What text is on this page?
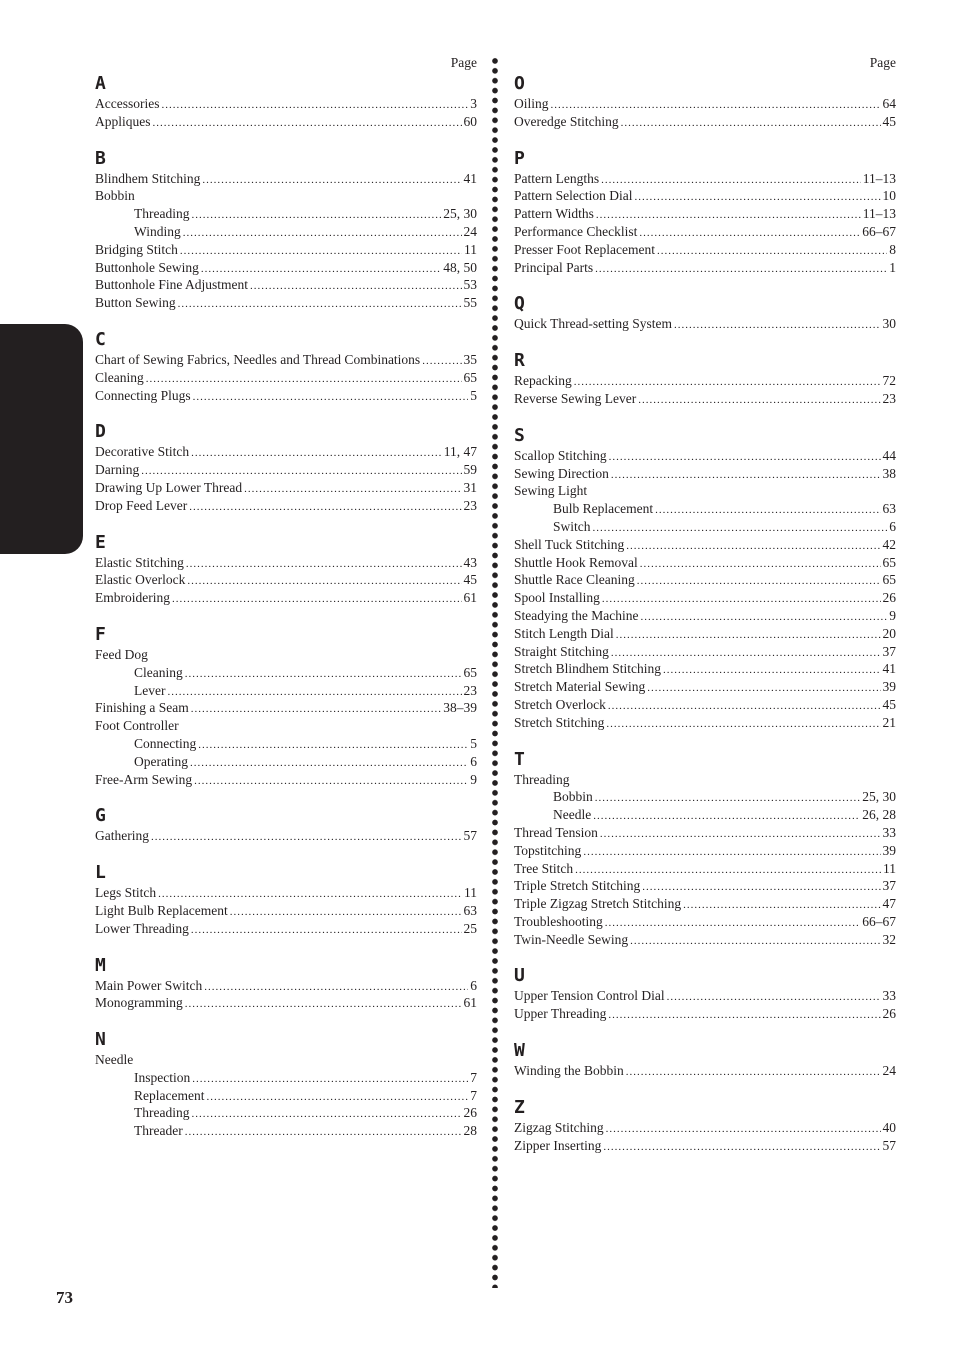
INDEX
ÍNDICE
INDEX
Page
A
Accessories .....	3
Appliques .....	60
B
Blindhem Stitching .....	41
Bobbin
Threading .....	25, 30
Winding .....	24
Bridging Stitch .....	11
Buttonhole Sewing .....	48, 50
Buttonhole Fine Adjustment .....	53
Button Sewing .....	55
C
Chart of Sewing Fabrics, Needles and Thread Combinations .....	35
Cleaning .....	65
Connecting Plugs .....	5
D
Decorative Stitch .....	11, 47
Darning .....	59
Drawing Up Lower Thread .....	31
Drop Feed Lever .....	23
E
Elastic Stitching .....	43
Elastic Overlock .....	45
Embroidering .....	61
F
Feed Dog
Cleaning .....	65
Lever .....	23
Finishing a Seam .....	38–39
Foot Controller
Connecting .....	5
Operating .....	6
Free-Arm Sewing .....	9
G
Gathering .....	57
L
Legs Stitch .....	11
Light Bulb Replacement .....	63
Lower Threading .....	25
M
Main Power Switch .....	6
Monogramming .....	61
N
Needle
Inspection .....	7
Replacement .....	7
Threading .....	26
Threader .....	28
Page
O
Oiling .....	64
Overedge Stitching .....	45
P
Pattern Lengths .....	11–13
Pattern Selection Dial .....	10
Pattern Widths .....	11–13
Performance Checklist .....	66–67
Presser Foot Replacement .....	8
Principal Parts .....	1
Q
Quick Thread-setting System .....	30
R
Repacking .....	72
Reverse Sewing Lever .....	23
S
Scallop Stitching .....	44
Sewing Direction .....	38
Sewing Light
Bulb Replacement .....	63
Switch .....	6
Shell Tuck Stitching .....	42
Shuttle Hook Removal .....	65
Shuttle Race Cleaning .....	65
Spool Installing .....	26
Steadying the Machine .....	9
Stitch Length Dial .....	20
Straight Stitching .....	37
Stretch Blindhem Stitching .....	41
Stretch Material Sewing .....	39
Stretch Overlock .....	45
Stretch Stitching .....	21
T
Threading
Bobbin .....	25, 30
Needle .....	26, 28
Thread Tension .....	33
Topstitching .....	39
Tree Stitch .....	11
Triple Stretch Stitching .....	37
Triple Zigzag Stretch Stitching .....	47
Troubleshooting .....	66–67
Twin-Needle Sewing .....	32
U
Upper Tension Control Dial .....	33
Upper Threading .....	26
W
Winding the Bobbin .....	24
Z
Zigzag Stitching .....	40
Zipper Inserting .....	57
73
